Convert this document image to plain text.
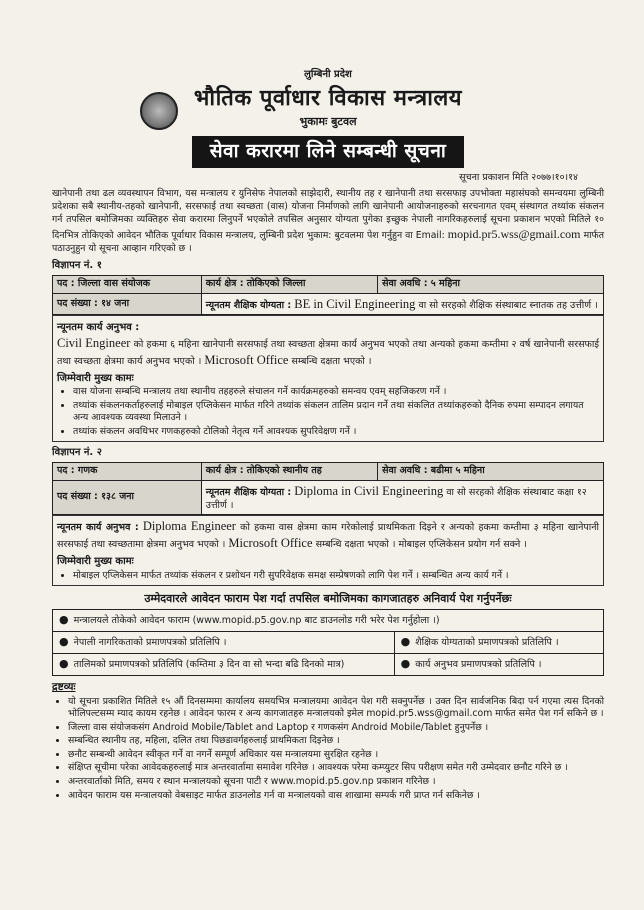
लुम्बिनी प्रदेश
भौतिक पूर्वाधार विकास मन्त्रालय
भुकामः बुटवल
सेवा करारमा लिने सम्बन्धी सूचना
सूचना प्रकाशन मिति २०७७।१०।१४
खानेपानी तथा ढल व्यवस्थापन विभाग, यस मन्त्रालय र युनिसेफ नेपालको साझेदारी, स्थानीय तह र खानेपानी तथा सरसफाइ उपभोक्ता महासंघको समन्वयमा लुम्बिनी प्रदेशका सबै स्थानीय-तहको खानेपानी, सरसफाई तथा स्वच्छता (वास) योजना निर्माणको लागि खानेपानी आयोजनाहरुको सरचनागत एवम् संस्थागत तथ्यांक संकलन गर्न तपसिल बमोजिमका व्यक्तिहरु सेवा करारमा लिनुपर्ने भएकोले तपसिल अनुसार योग्यता पुगेका इच्छुक नेपाली नागरिकहरुलाई सूचना प्रकाशन भएको मितिले १० दिनभित्र तोकिएको आवेदन भौतिक पूर्वाधार विकास मन्त्रालय, लुम्बिनी प्रदेश भुकाम: बुटवलमा पेश गर्नुहुन वा Email: mopid.pr5.wss@gmail.com मार्फत पठाउनुहुन यो सूचना आव्हान गरिएको छ ।
विज्ञापन नं. १
पद : जिल्ला वास संयोजक	कार्य क्षेत्र : तोकिएको जिल्ला	सेवा अवधि : ५ महिना
पद संख्या : १४ जना	न्यूनतम शैक्षिक योग्यता : BE in Civil Engineering वा सो सरहको शैक्षिक संस्थाबाट स्नातक तह उत्तीर्ण ।	
न्यूनतम कार्य अनुभव :
Civil Engineer को हकमा ६ महिना खानेपानी सरसफाई तथा स्वच्छता क्षेत्रमा कार्य अनुभव भएको तथा अन्यको हकमा कम्तीमा २ वर्ष खानेपानी सरसफाई तथा स्वच्छता क्षेत्रमा कार्य अनुभव भएको । Microsoft Office सम्बन्धि दक्षता भएको ।
जिम्मेवारी मुख्य कामः
• वास योजना सम्बन्धि मन्त्रालय तथा स्थानीय तहहरुले संचालन गर्ने कार्यक्रमहरुको समन्वय एवम् सहजिकरण गर्ने ।
• तथ्यांक संकलनकर्ताहरुलाई मोबाइल एप्लिकेसन मार्फत गरिने तथ्यांक संकलन तालिम प्रदान गर्ने तथा संकलित तथ्यांकहरुको दैनिक रुपमा सम्पादन लगायत अन्य आवश्यक व्यवस्था मिलाउने ।
• तथ्यांक संकलन अवधिभर गणकहरुको टोलिको नेतृत्व गर्ने आवश्यक सुपरिवेक्षण गर्ने ।
विज्ञापन नं. २
पद : गणक	कार्य क्षेत्र : तोकिएको स्थानीय तह	सेवा अवधि : बढीमा ५ महिना
पद संख्या : १३८ जना	न्यूनतम शैक्षिक योग्यता : Diploma in Civil Engineering वा सो सरहको शैक्षिक संस्थाबाट कक्षा १२ उत्तीर्ण ।	
न्यूनतम कार्य अनुभव : Diploma Engineer को हकमा वास क्षेत्रमा काम गरेकोलाई प्राथमिकता दिइने र अन्यको हकमा कम्तीमा ३ महिना खानेपानी सरसफाई तथा स्वच्छतामा क्षेत्रमा अनुभव भएको । Microsoft Office सम्बन्धि दक्षता भएको । मोबाइल एप्लिकेसन प्रयोग गर्न सक्ने ।
जिम्मेवारी मुख्य कामः
• मोबाइल एप्लिकेसन मार्फत तथ्यांक संकलन र प्रशोधन गरी सुपरिवेक्षक समक्ष सम्प्रेषणको लागि पेश गर्ने । सम्बन्धित अन्य कार्य गर्ने ।
उम्मेदवारले आवेदन फाराम पेश गर्दा तपसिल बमोजिमका कागजातहरु अनिवार्य पेश गर्नुपर्नेछः
● मन्त्रालयले तोकेको आवेदन फाराम (www.mopid.p5.gov.np बाट डाउनलोड गरी भरेर पेश गर्नुहोला ।)	
● नेपाली नागरिकताको प्रमाणपत्रको प्रतिलिपि ।	● शैक्षिक योग्यताको प्रमाणपत्रको प्रतिलिपि ।
● तालिमको प्रमाणपत्रको प्रतिलिपि (कम्तिमा ३ दिन वा सो भन्दा बढि दिनको मात्र)	● कार्य अनुभव प्रमाणपत्रको प्रतिलिपि ।
द्रष्टव्यः
• यो सूचना प्रकाशित मितिले १५ औं दिनसम्ममा कार्यालय समयभित्र मन्त्रालयमा आवेदन पेश गरी सक्नुपर्नेछ । उक्त दिन सार्वजनिक बिदा पर्न गएमा त्यस दिनको भोलिपल्टसम्म म्याद कायम रहनेछ । आवेदन फारम र अन्य कागजातहरु मन्त्रालयको इमेल mopid.pr5.wss@gmail.com मार्फत समेत पेश गर्न सकिने छ ।
• जिल्ला वास संयोजकसंग Android Mobile/Tablet and Laptop र गणकसंग Android Mobile/Tablet हुनुपर्नेछ ।
• सम्बन्धित स्थानीय तह, महिला, दलित तथा पिछडावर्गहरुलाई प्राथमिकता दिइनेछ ।
• छनौट सम्बन्धी आवेदन स्वीकृत गर्ने वा नगर्ने सम्पूर्ण अधिकार यस मन्त्रालयमा सुरक्षित रहनेछ ।
• संक्षिप्त सूचीमा परेका आवेदकहरुलाई मात्र अन्तरवार्तामा समावेश गरिनेछ । आवश्यक परेमा कम्प्युटर सिप परीक्षण समेत गरी उम्मेदवार छनौट गरिने छ ।
• अन्तरवार्ताको मिति, समय र स्थान मन्त्रालयको सूचना पाटी र www.mopid.p5.gov.np प्रकाशन गरिनेछ ।
• आवेदन फाराम यस मन्त्रालयको वेबसाइट मार्फत डाउनलोड गर्न वा मन्त्रालयको वास शाखामा सम्पर्क गरी प्राप्त गर्न सकिनेछ ।
